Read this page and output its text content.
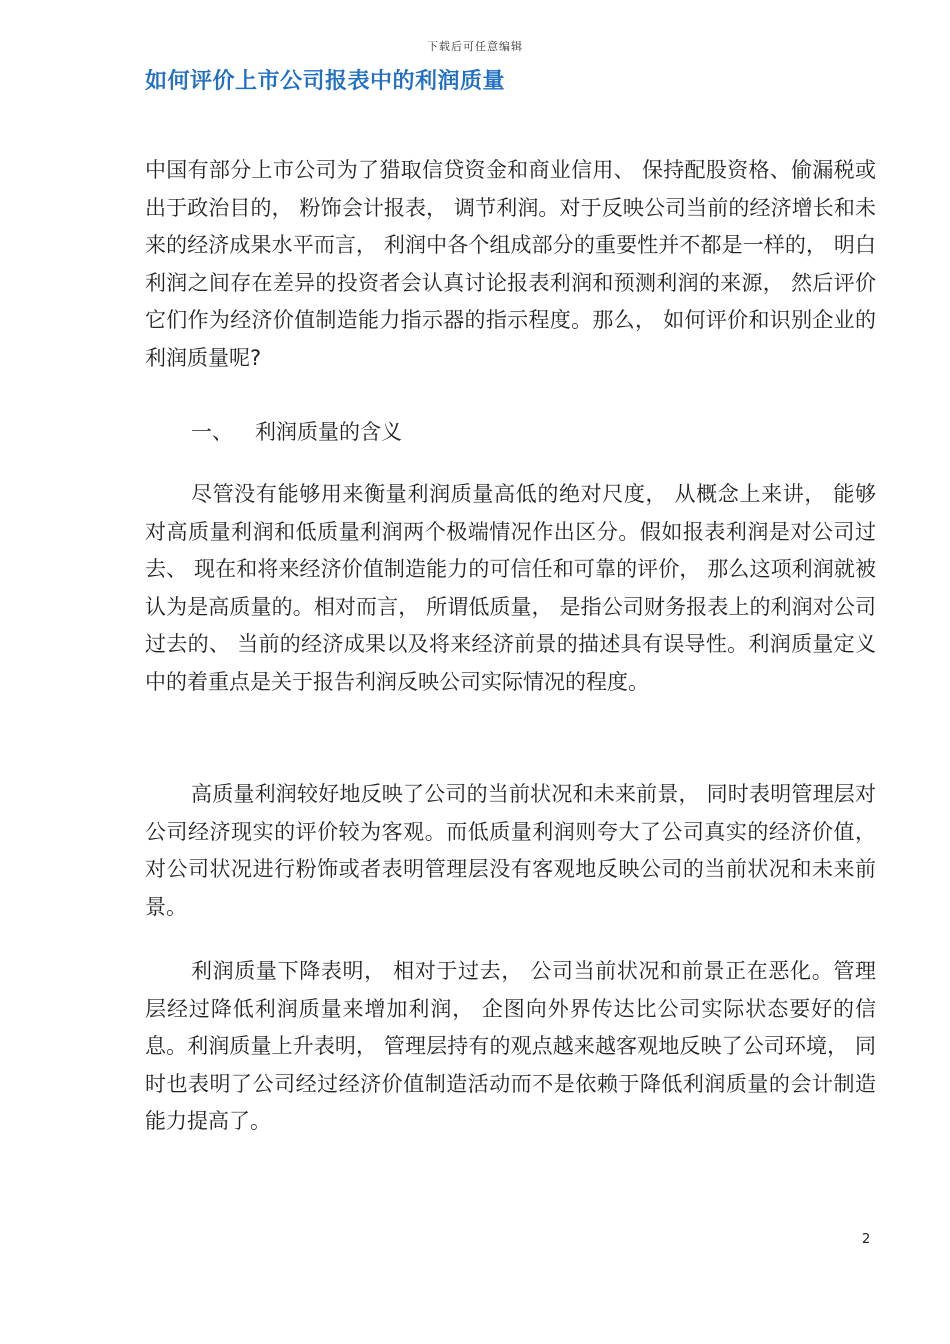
下载后可任意编辑
如何评价上市公司报表中的利润质量
中国有部分上市公司为了猎取信贷资金和商业信用、 保持配股资格、偷漏税或出于政治目的， 粉饰会计报表， 调节利润。对于反映公司当前的经济增长和未来的经济成果水平而言， 利润中各个组成部分的重要性并不都是一样的， 明白利润之间存在差异的投资者会认真讨论报表利润和预测利润的来源， 然后评价它们作为经济价值制造能力指示器的指示程度。那么， 如何评价和识别企业的利润质量呢?
一、 利润质量的含义
尽管没有能够用来衡量利润质量高低的绝对尺度， 从概念上来讲， 能够对高质量利润和低质量利润两个极端情况作出区分。假如报表利润是对公司过去、 现在和将来经济价值制造能力的可信任和可靠的评价， 那么这项利润就被认为是高质量的。相对而言， 所谓低质量， 是指公司财务报表上的利润对公司过去的、 当前的经济成果以及将来经济前景的描述具有误导性。利润质量定义中的着重点是关于报告利润反映公司实际情况的程度。
高质量利润较好地反映了公司的当前状况和未来前景， 同时表明管理层对公司经济现实的评价较为客观。而低质量利润则夸大了公司真实的经济价值， 对公司状况进行粉饰或者表明管理层没有客观地反映公司的当前状况和未来前景。
利润质量下降表明， 相对于过去， 公司当前状况和前景正在恶化。管理层经过降低利润质量来增加利润， 企图向外界传达比公司实际状态要好的信息。利润质量上升表明， 管理层持有的观点越来越客观地反映了公司环境， 同时也表明了公司经过经济价值制造活动而不是依赖于降低利润质量的会计制造能力提高了。
2
